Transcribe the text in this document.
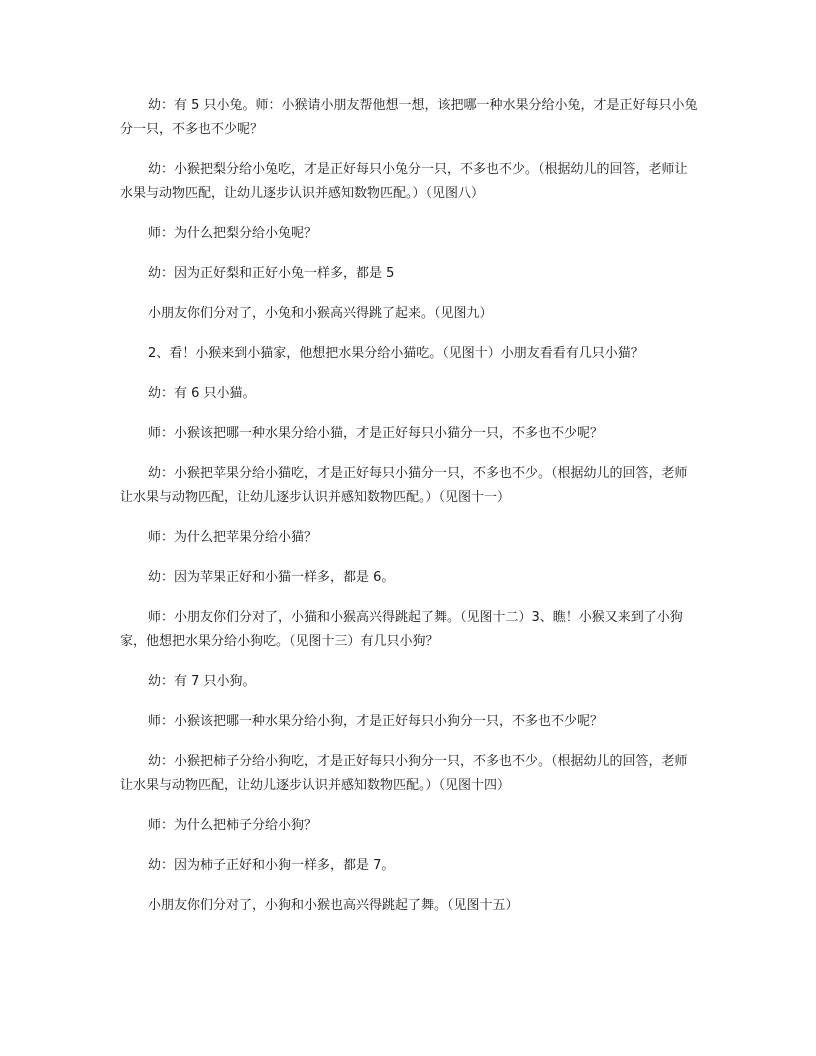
幼：有 5 只小兔。师：小猴请小朋友帮他想一想，该把哪一种水果分给小兔，才是正好每只小兔分一只，不多也不少呢？

幼：小猴把梨分给小兔吃，才是正好每只小兔分一只，不多也不少。（根据幼儿的回答，老师让水果与动物匹配，让幼儿逐步认识并感知数物匹配。）（见图八）

师：为什么把梨分给小兔呢？

幼：因为正好梨和正好小兔一样多，都是 5

小朋友你们分对了，小兔和小猴高兴得跳了起来。（见图九）

2、看！小猴来到小猫家，他想把水果分给小猫吃。（见图十）小朋友看看有几只小猫？

幼：有 6 只小猫。

师：小猴该把哪一种水果分给小猫，才是正好每只小猫分一只，不多也不少呢？

幼：小猴把苹果分给小猫吃，才是正好每只小猫分一只，不多也不少。（根据幼儿的回答，老师让水果与动物匹配，让幼儿逐步认识并感知数物匹配。）（见图十一）

师：为什么把苹果分给小猫？

幼：因为苹果正好和小猫一样多，都是 6。

师：小朋友你们分对了，小猫和小猴高兴得跳起了舞。（见图十二）3、瞧！小猴又来到了小狗家，他想把水果分给小狗吃。（见图十三）有几只小狗？

幼：有 7 只小狗。

师：小猴该把哪一种水果分给小狗，才是正好每只小狗分一只，不多也不少呢？

幼：小猴把柿子分给小狗吃，才是正好每只小狗分一只，不多也不少。（根据幼儿的回答，老师让水果与动物匹配，让幼儿逐步认识并感知数物匹配。）（见图十四）

师：为什么把柿子分给小狗？

幼：因为柿子正好和小狗一样多，都是 7。

小朋友你们分对了，小狗和小猴也高兴得跳起了舞。（见图十五）
